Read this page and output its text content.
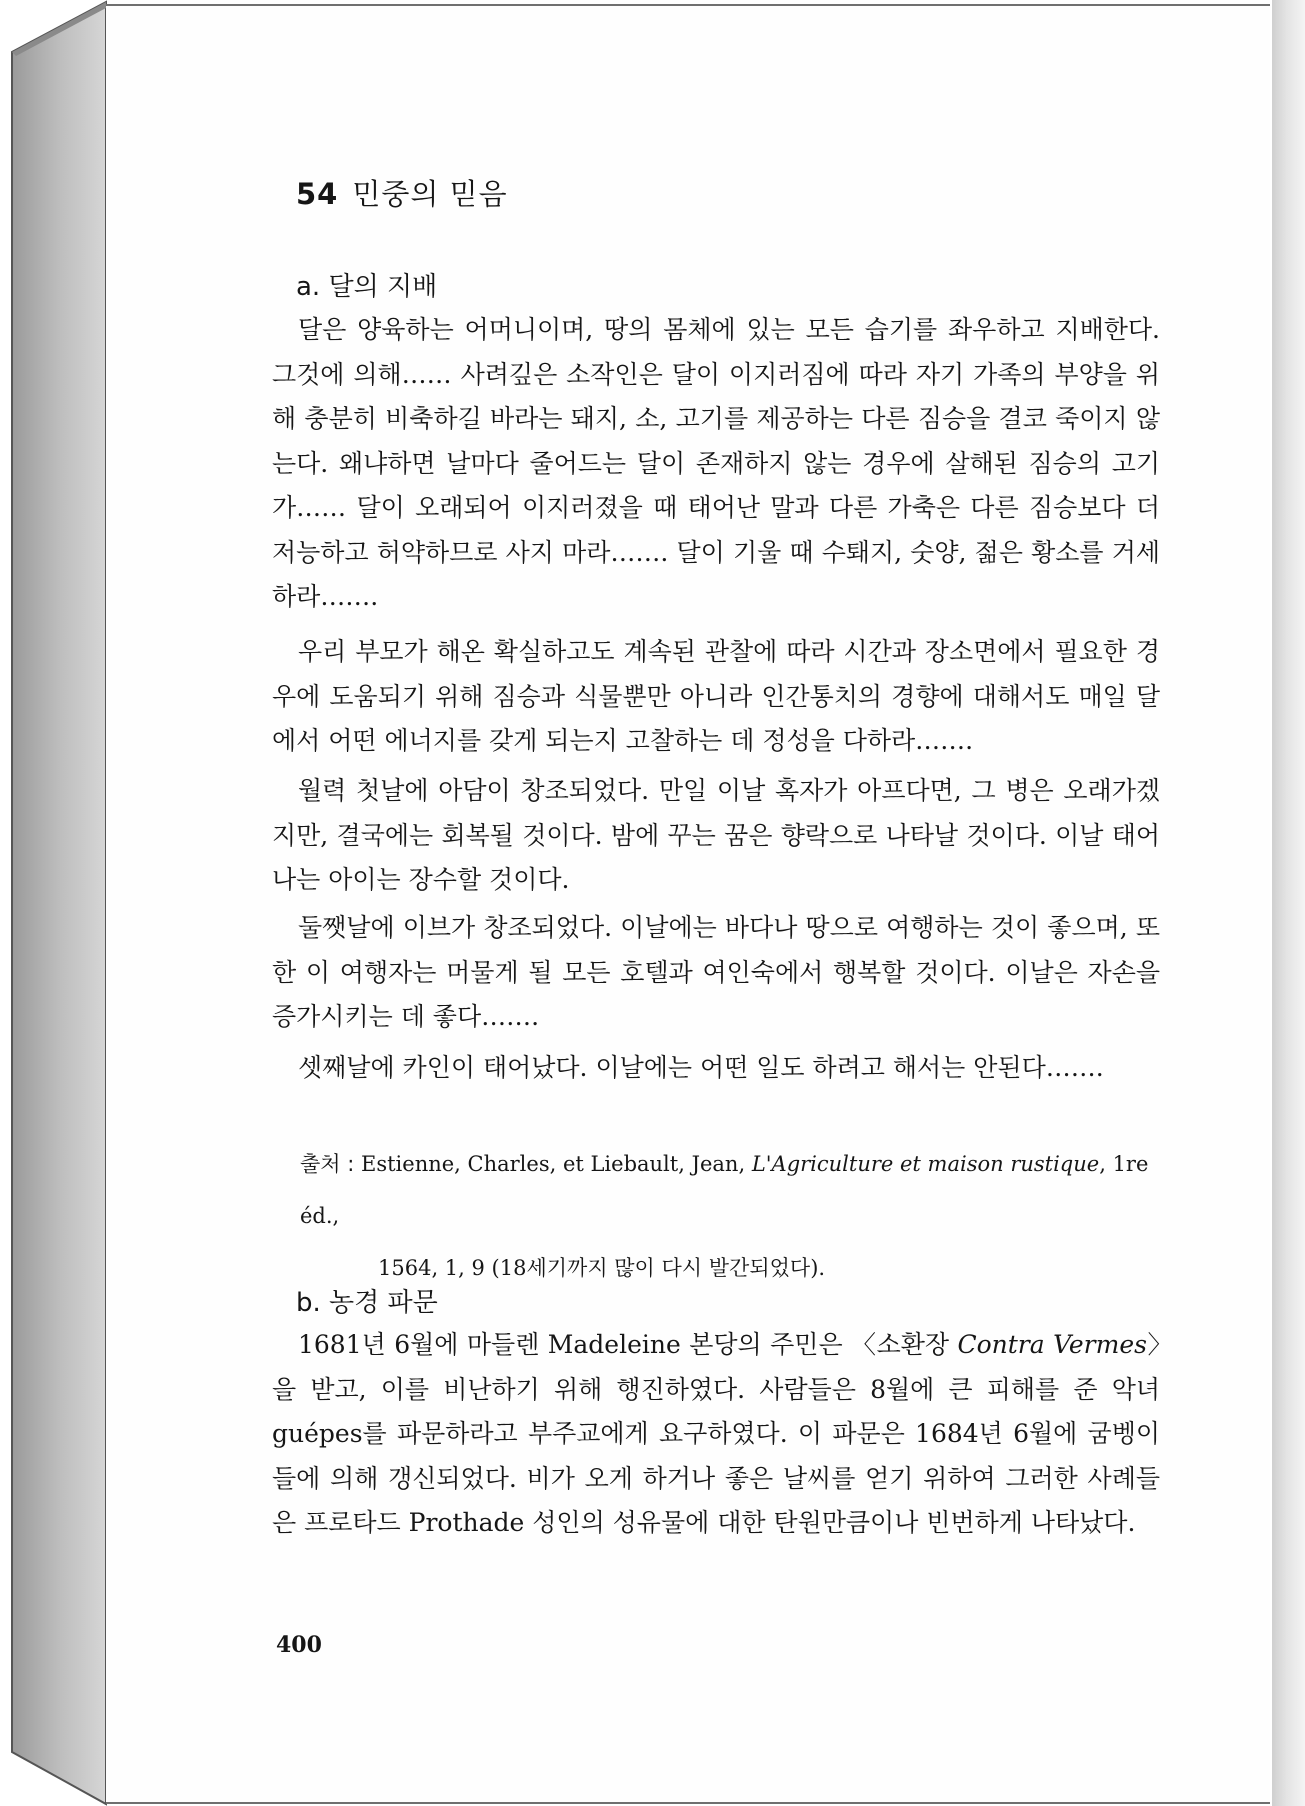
54 민중의 믿음
a. 달의 지배

달은 양육하는 어머니이며, 땅의 몸체에 있는 모든 습기를 좌우하고 지배한다. 그것에 의해…… 사려깊은 소작인은 달이 이지러짐에 따라 자기 가족의 부양을 위해 충분히 비축하길 바라는 돼지, 소, 고기를 제공하는 다른 짐승을 결코 죽이지 않는다. 왜냐하면 날마다 줄어드는 달이 존재하지 않는 경우에 살해된 짐승의 고기가…… 달이 오래되어 이지러졌을 때 태어난 말과 다른 가축은 다른 짐승보다 더 저능하고 허약하므로 사지 마라……. 달이 기울 때 수퇘지, 숫양, 젊은 황소를 거세하라…….

우리 부모가 해온 확실하고도 계속된 관찰에 따라 시간과 장소면에서 필요한 경우에 도움되기 위해 짐승과 식물뿐만 아니라 인간통치의 경향에 대해서도 매일 달에서 어떤 에너지를 갖게 되는지 고찰하는 데 정성을 다하라…….

월력 첫날에 아담이 창조되었다. 만일 이날 혹자가 아프다면, 그 병은 오래가겠지만, 결국에는 회복될 것이다. 밤에 꾸는 꿈은 향락으로 나타날 것이다. 이날 태어나는 아이는 장수할 것이다.

둘쨋날에 이브가 창조되었다. 이날에는 바다나 땅으로 여행하는 것이 좋으며, 또한 이 여행자는 머물게 될 모든 호텔과 여인숙에서 행복할 것이다. 이날은 자손을 증가시키는 데 좋다…….

셋째날에 카인이 태어났다. 이날에는 어떤 일도 하려고 해서는 안된다…….

출처 : Estienne, Charles, et Liebault, Jean, L'Agriculture et maison rustique, 1re éd.,
1564, 1, 9 (18세기까지 많이 다시 발간되었다).

b. 농경 파문

1681년 6월에 마들렌 Madeleine 본당의 주민은 〈소환장 Contra Vermes〉을 받고, 이를 비난하기 위해 행진하였다. 사람들은 8월에 큰 피해를 준 악녀 guépes를 파문하라고 부주교에게 요구하였다. 이 파문은 1684년 6월에 굼벵이들에 의해 갱신되었다. 비가 오게 하거나 좋은 날씨를 얻기 위하여 그러한 사례들은 프로타드 Prothade 성인의 성유물에 대한 탄원만큼이나 빈번하게 나타났다.

400
